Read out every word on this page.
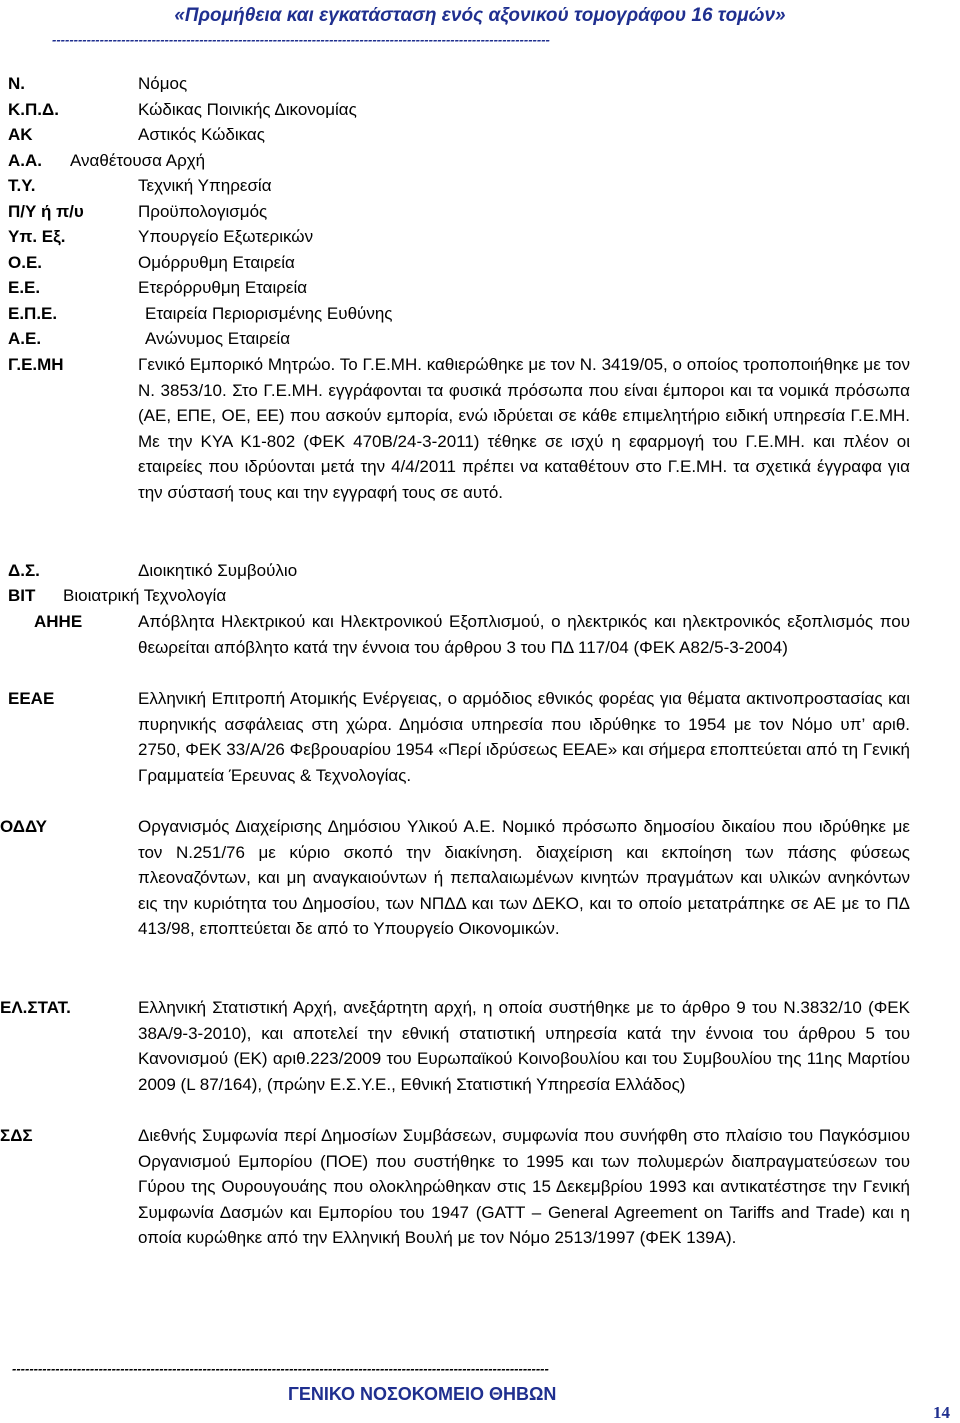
«Προμήθεια και εγκατάσταση ενός αξονικού τομογράφου 16 τομών»
-------------------------------------------------------------------------------------------------------------------
Ν.	Νόμος
Κ.Π.Δ.	Κώδικας Ποινικής Δικονομίας
ΑΚ	Αστικός Κώδικας
Α.Α. Αναθέτουσα Αρχή
Τ.Υ.	Τεχνική Υπηρεσία
Π/Υ ή π/υ	Προϋπολογισμός
Υπ. Εξ.	Υπουργείο Εξωτερικών
Ο.Ε.	Ομόρρυθμη Εταιρεία
Ε.Ε.	Ετερόρρυθμη Εταιρεία
Ε.Π.Ε.	Εταιρεία Περιορισμένης Ευθύνης
Α.Ε.	Ανώνυμος Εταιρεία
Γ.Ε.ΜΗ	Γενικό Εμπορικό Μητρώο. Το Γ.Ε.ΜΗ. καθιερώθηκε με τον Ν. 3419/05, ο οποίος τροποποιήθηκε με τον Ν. 3853/10. Στο Γ.Ε.ΜΗ. εγγράφονται τα φυσικά πρόσωπα που είναι έμποροι και τα νομικά πρόσωπα (ΑΕ, ΕΠΕ, ΟΕ, ΕΕ) που ασκούν εμπορία, ενώ ιδρύεται σε κάθε επιμελητήριο ειδική υπηρεσία Γ.Ε.ΜΗ. Με την ΚΥΑ Κ1-802 (ΦΕΚ 470Β/24-3-2011) τέθηκε σε ισχύ η εφαρμογή του Γ.Ε.ΜΗ. και πλέον οι εταιρείες που ιδρύονται μετά την 4/4/2011 πρέπει να καταθέτουν στο Γ.Ε.ΜΗ. τα σχετικά έγγραφα για την σύστασή τους και την εγγραφή τους σε αυτό.
Δ.Σ.	Διοικητικό Συμβούλιο
ΒΙΤ Βιοιατρική Τεχνολογία
ΑΗΗΕ	Απόβλητα Ηλεκτρικού και Ηλεκτρονικού Εξοπλισμού, ο ηλεκτρικός και ηλεκτρονικός εξοπλισμός που θεωρείται απόβλητο κατά την έννοια του άρθρου 3 του ΠΔ 117/04 (ΦΕΚ Α82/5-3-2004)
ΕΕΑΕ	Ελληνική Επιτροπή Ατομικής Ενέργειας, ο αρμόδιος εθνικός φορέας για θέματα ακτινοπροστασίας και πυρηνικής ασφάλειας στη χώρα. Δημόσια υπηρεσία που ιδρύθηκε το 1954 με τον Νόμο υπ’ αριθ. 2750, ΦΕΚ 33/Α/26 Φεβρουαρίου 1954 «Περί ιδρύσεως ΕΕΑΕ» και σήμερα εποπτεύεται από τη Γενική Γραμματεία Έρευνας & Τεχνολογίας.
ΟΔΔΥ	Οργανισμός Διαχείρισης Δημόσιου Υλικού Α.Ε. Νομικό πρόσωπο δημοσίου δικαίου που ιδρύθηκε με τον Ν.251/76 με κύριο σκοπό την διακίνηση. διαχείριση και εκποίηση των πάσης φύσεως πλεοναζόντων, και μη αναγκαιούντων ή πεπαλαιωμένων κινητών πραγμάτων και υλικών ανηκόντων εις την κυριότητα του Δημοσίου, των ΝΠΔΔ και των ΔΕΚΟ, και το οποίο μετατράπηκε σε ΑΕ με το ΠΔ 413/98, εποπτεύεται δε από το Υπουργείο Οικονομικών.
ΕΛ.ΣΤΑΤ.	Ελληνική Στατιστική Αρχή, ανεξάρτητη αρχή, η οποία συστήθηκε με το άρθρο 9 του Ν.3832/10 (ΦΕΚ 38Α/9-3-2010), και αποτελεί την εθνική στατιστική υπηρεσία κατά την έννοια του άρθρου 5 του Κανονισμού (ΕΚ) αριθ.223/2009 του Ευρωπαϊκού Κοινοβουλίου και του Συμβουλίου της 11ης Μαρτίου 2009 (L 87/164), (πρώην Ε.Σ.Υ.Ε., Εθνική Στατιστική Υπηρεσία Ελλάδος)
ΣΔΣ	Διεθνής Συμφωνία περί Δημοσίων Συμβάσεων, συμφωνία που συνήφθη στο πλαίσιο του Παγκόσμιου Οργανισμού Εμπορίου (ΠΟΕ) που συστήθηκε το 1995 και των πολυμερών διαπραγματεύσεων του Γύρου της Ουρουγουάης που ολοκληρώθηκαν στις 15 Δεκεμβρίου 1993 και αντικατέστησε την Γενική Συμφωνία Δασμών και Εμπορίου του 1947 (GATT – General Agreement on Tariffs and Trade) και η οποία κυρώθηκε από την Ελληνική Βουλή με τον Νόμο 2513/1997 (ΦΕΚ 139Α).
----------------------------------------------------------------------------------------------------------------------------
ΓΕΝΙΚΟ ΝΟΣΟΚΟΜΕΙΟ ΘΗΒΩΝ
14
